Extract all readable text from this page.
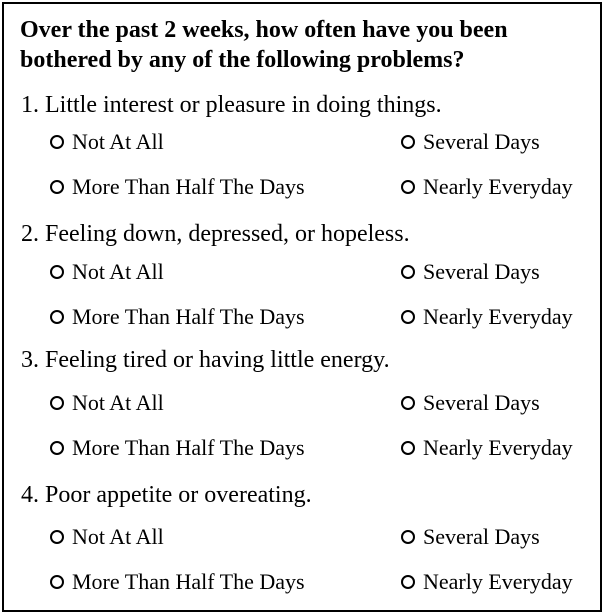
Over the past 2 weeks, how often have you been bothered by any of the following problems?
1. Little interest or pleasure in doing things.
Not At All	Several Days
More Than Half The Days	Nearly Everyday
2. Feeling down, depressed, or hopeless.
Not At All	Several Days
More Than Half The Days	Nearly Everyday
3. Feeling tired or having little energy.
Not At All	Several Days
More Than Half The Days	Nearly Everyday
4. Poor appetite or overeating.
Not At All	Several Days
More Than Half The Days	Nearly Everyday
